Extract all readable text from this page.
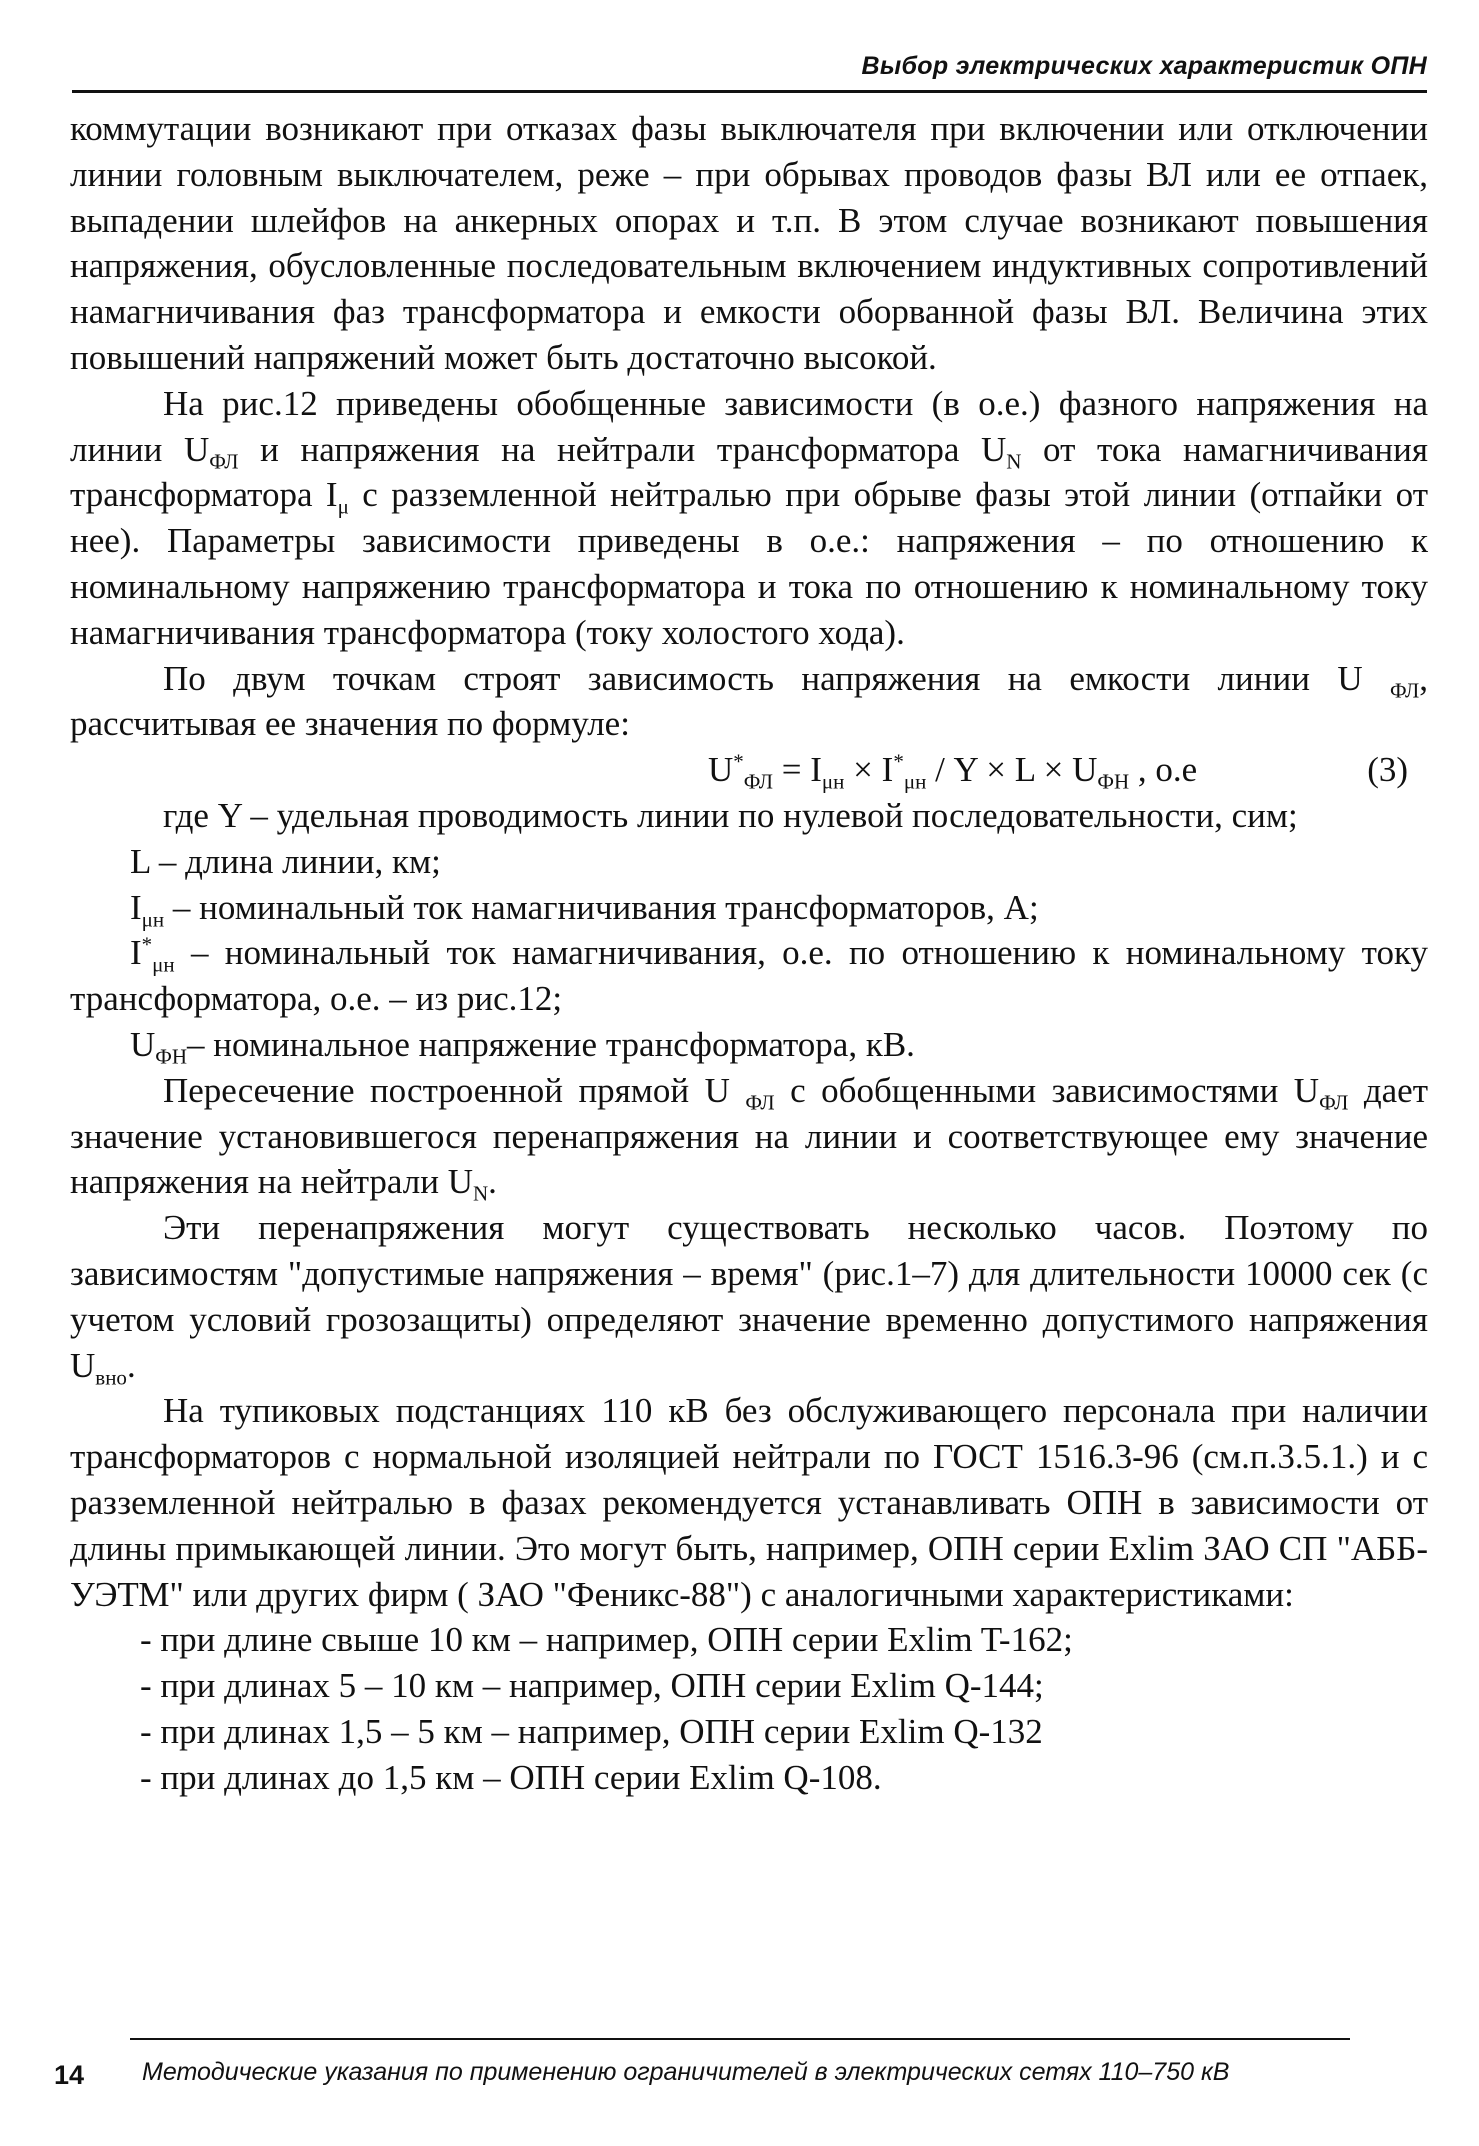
Выбор электрических характеристик ОПН

коммутации возникают при отказах фазы выключателя при включении или отключении линии головным выключателем, реже – при обрывах проводов фазы ВЛ или ее отпаек, выпадении шлейфов на анкерных опорах и т.п. В этом случае возникают повышения напряжения, обусловленные последовательным включением индуктивных сопротивлений намагничивания фаз трансформатора и емкости оборванной фазы ВЛ. Величина этих повышений напряжений может быть достаточно высокой.

На рис.12 приведены обобщенные зависимости (в о.е.) фазного напряжения на линии $U_{ФЛ}$ и напряжения на нейтрали трансформатора $U_N$ от тока намагничивания трансформатора $I_\mu$ с разземленной нейтралью при обрыве фазы этой линии (отпайки от нее). Параметры зависимости приведены в о.е.: напряжения – по отношению к номинальному напряжению трансформатора и тока по отношению к номинальному току намагничивания трансформатора (току холостого хода).

По двум точкам строят зависимость напряжения на емкости линии U $_{ФЛ}$, рассчитывая ее значения по формуле:

$U^*_{ФЛ} = I_{\mu н} \times I^*_{\mu н} / Y \times L \times U_{ФН}$ , о.е	(3)

где Y – удельная проводимость линии по нулевой последовательности, сим;

L – длина линии, км;

$I_{\mu н}$ – номинальный ток намагничивания трансформаторов, А;

$I^*_{\mu н}$ – номинальный ток намагничивания, о.е. по отношению к номинальному току трансформатора, о.е. – из рис.12;

$U_{ФН}-$ номинальное напряжение трансформатора, кВ.

Пересечение построенной прямой U $_{ФЛ}$ с обобщенными зависимостями $U_{ФЛ}$ дает значение установившегося перенапряжения на линии и соответствующее ему значение напряжения на нейтрали $U_N$.

Эти перенапряжения могут существовать несколько часов. Поэтому по зависимостям "допустимые напряжения – время" (рис.1–7) для длительности 10000 сек (с учетом условий грозозащиты) определяют значение временно допустимого напряжения $U_{вно}$.

На тупиковых подстанциях 110 кВ без обслуживающего персонала при наличии трансформаторов с нормальной изоляцией нейтрали по ГОСТ 1516.3-96 (см.п.3.5.1.) и с разземленной нейтралью в фазах рекомендуется устанавливать ОПН в зависимости от длины примыкающей линии. Это могут быть, например, ОПН серии Exlim ЗАО СП "АББ-УЭТМ" или других фирм ( ЗАО "Феникс-88") с аналогичными характеристиками:

- при длине свыше 10 км – например, ОПН серии Exlim T-162;

- при длинах 5 – 10 км – например, ОПН серии Exlim Q-144;

- при длинах 1,5 – 5 км – например, ОПН серии Exlim Q-132

- при длинах до 1,5 км – ОПН серии Exlim Q-108.

14 Методические указания по применению ограничителей в электрических сетях 110–750 кВ
